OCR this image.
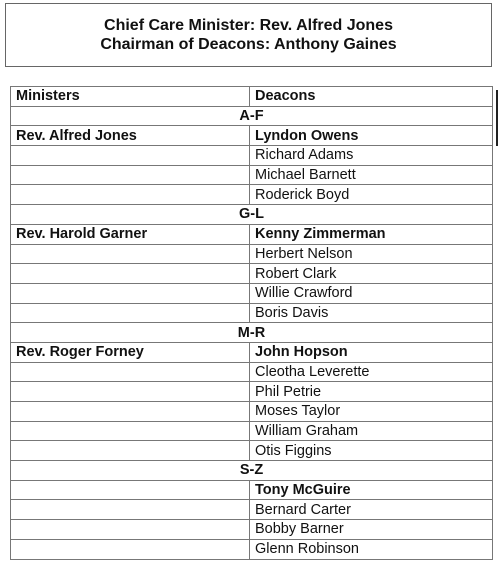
Chief Care Minister: Rev. Alfred Jones
Chairman of Deacons: Anthony Gaines
Ministers	Deacons
A-F	
Rev. Alfred Jones	Lyndon Owens
	Richard Adams
	Michael Barnett
	Roderick Boyd
G-L	
Rev. Harold Garner	Kenny Zimmerman
	Herbert Nelson
	Robert Clark
	Willie Crawford
	Boris Davis
M-R	
Rev. Roger Forney	John Hopson
	Cleotha Leverette
	Phil Petrie
	Moses Taylor
	William Graham
	Otis Figgins
S-Z	
	Tony McGuire
	Bernard Carter
	Bobby Barner
	Glenn Robinson
